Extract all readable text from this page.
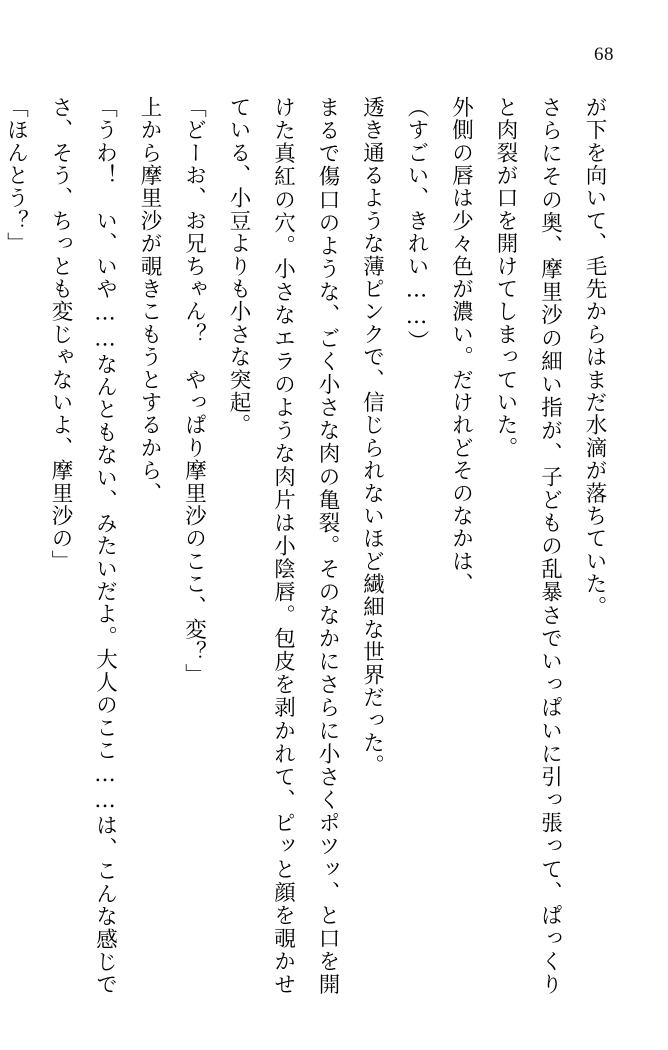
68

が下を向いて、毛先からはまだ水滴が落ちていた。

さらにその奥、摩里沙の細い指が、子どもの乱暴さでいっぱいに引っ張って、ぱっくりと肉裂が口を開けてしまっていた。

外側の唇は少々色が濃い。だけれどそのなかは、

（すごい、きれい……）

透き通るような薄ピンクで、信じられないほど繊細な世界だった。

まるで傷口のような、ごく小さな肉の亀裂。そのなかにさらに小さくポツッ、と口を開けた真紅の穴。小さなエラのような肉片は小陰唇。包皮を剥かれて、ピッと顔を覗かせている、小豆よりも小さな突起。

「どーお、お兄ちゃん？　やっぱり摩里沙のここ、変？」

上から摩里沙が覗きこもうとするから、

「うわ！　い、いや……なんともない、みたいだよ。大人のここ……は、こんな感じでさ、そう、ちっとも変じゃないよ、摩里沙の」

「ほんとう？」
